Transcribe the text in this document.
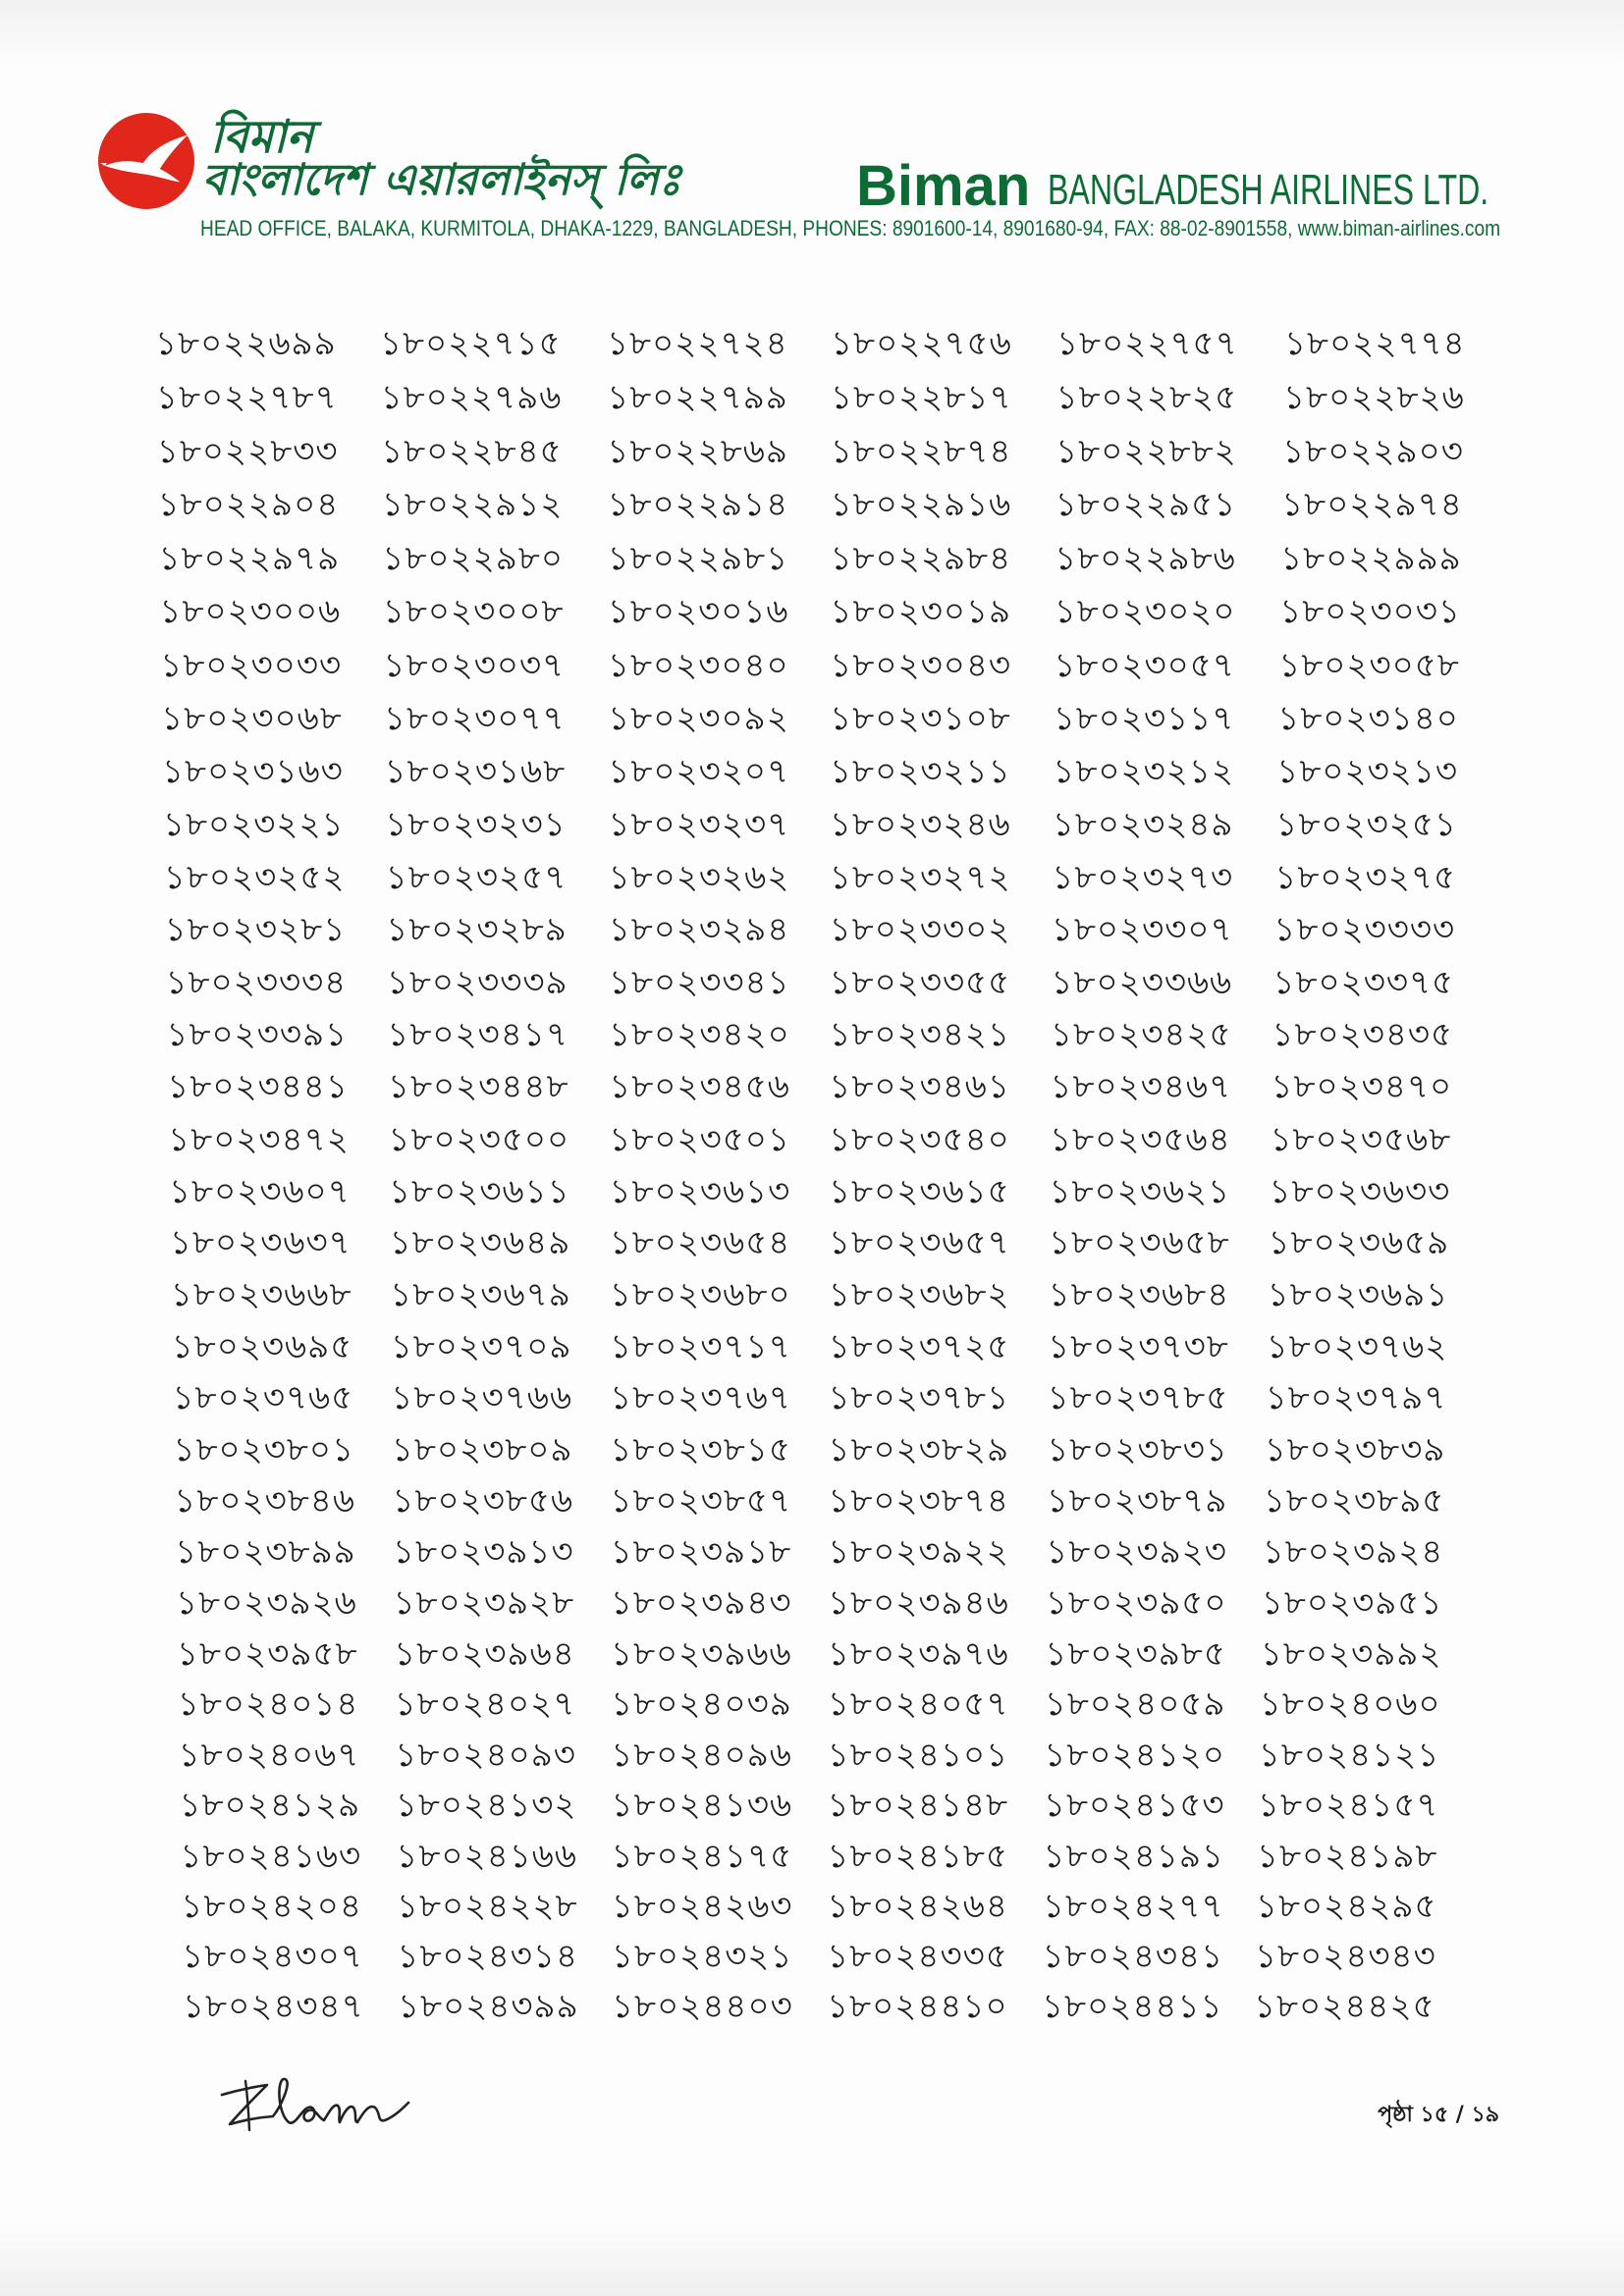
বিমান
বাংলাদেশ এয়ারলাইনস্ লিঃ	Biman BANGLADESH AIRLINES LTD.
HEAD OFFICE, BALAKA, KURMITOLA, DHAKA-1229, BANGLADESH, PHONES: 8901600-14, 8901680-94, FAX: 88-02-8901558, www.biman-airlines.com
১৮০২২৬৯৯ ১৮০২২৭১৫ ১৮০২২৭২৪ ১৮০২২৭৫৬ ১৮০২২৭৫৭ ১৮০২২৭৭৪
১৮০২২৭৮৭ ১৮০২২৭৯৬ ১৮০২২৭৯৯ ১৮০২২৮১৭ ১৮০২২৮২৫ ১৮০২২৮২৬
১৮০২২৮৩৩ ১৮০২২৮৪৫ ১৮০২২৮৬৯ ১৮০২২৮৭৪ ১৮০২২৮৮২ ১৮০২২৯০৩
১৮০২২৯০৪ ১৮০২২৯১২ ১৮০২২৯১৪ ১৮০২২৯১৬ ১৮০২২৯৫১ ১৮০২২৯৭৪
১৮০২২৯৭৯ ১৮০২২৯৮০ ১৮০২২৯৮১ ১৮০২২৯৮৪ ১৮০২২৯৮৬ ১৮০২২৯৯৯
১৮০২৩০০৬ ১৮০২৩০০৮ ১৮০২৩০১৬ ১৮০২৩০১৯ ১৮০২৩০২০ ১৮০২৩০৩১
১৮০২৩০৩৩ ১৮০২৩০৩৭ ১৮০২৩০৪০ ১৮০২৩০৪৩ ১৮০২৩০৫৭ ১৮০২৩০৫৮
১৮০২৩০৬৮ ১৮০২৩০৭৭ ১৮০২৩০৯২ ১৮০২৩১০৮ ১৮০২৩১১৭ ১৮০২৩১৪০
১৮০২৩১৬৩ ১৮০২৩১৬৮ ১৮০২৩২০৭ ১৮০২৩২১১ ১৮০২৩২১২ ১৮০২৩২১৩
১৮০২৩২২১ ১৮০২৩২৩১ ১৮০২৩২৩৭ ১৮০২৩২৪৬ ১৮০২৩২৪৯ ১৮০২৩২৫১
১৮০২৩২৫২ ১৮০২৩২৫৭ ১৮০২৩২৬২ ১৮০২৩২৭২ ১৮০২৩২৭৩ ১৮০২৩২৭৫
১৮০২৩২৮১ ১৮০২৩২৮৯ ১৮০২৩২৯৪ ১৮০২৩৩০২ ১৮০২৩৩০৭ ১৮০২৩৩৩৩
১৮০২৩৩৩৪ ১৮০২৩৩৩৯ ১৮০২৩৩৪১ ১৮০২৩৩৫৫ ১৮০২৩৩৬৬ ১৮০২৩৩৭৫
১৮০২৩৩৯১ ১৮০২৩৪১৭ ১৮০২৩৪২০ ১৮০২৩৪২১ ১৮০২৩৪২৫ ১৮০২৩৪৩৫
১৮০২৩৪৪১ ১৮০২৩৪৪৮ ১৮০২৩৪৫৬ ১৮০২৩৪৬১ ১৮০২৩৪৬৭ ১৮০২৩৪৭০
১৮০২৩৪৭২ ১৮০২৩৫০০ ১৮০২৩৫০১ ১৮০২৩৫৪০ ১৮০২৩৫৬৪ ১৮০২৩৫৬৮
১৮০২৩৬০৭ ১৮০২৩৬১১ ১৮০২৩৬১৩ ১৮০২৩৬১৫ ১৮০২৩৬২১ ১৮০২৩৬৩৩
১৮০২৩৬৩৭ ১৮০২৩৬৪৯ ১৮০২৩৬৫৪ ১৮০২৩৬৫৭ ১৮০২৩৬৫৮ ১৮০২৩৬৫৯
১৮০২৩৬৬৮ ১৮০২৩৬৭৯ ১৮০২৩৬৮০ ১৮০২৩৬৮২ ১৮০২৩৬৮৪ ১৮০২৩৬৯১
১৮০২৩৬৯৫ ১৮০২৩৭০৯ ১৮০২৩৭১৭ ১৮০২৩৭২৫ ১৮০২৩৭৩৮ ১৮০২৩৭৬২
১৮০২৩৭৬৫ ১৮০২৩৭৬৬ ১৮০২৩৭৬৭ ১৮০২৩৭৮১ ১৮০২৩৭৮৫ ১৮০২৩৭৯৭
১৮০২৩৮০১ ১৮০২৩৮০৯ ১৮০২৩৮১৫ ১৮০২৩৮২৯ ১৮০২৩৮৩১ ১৮০২৩৮৩৯
১৮০২৩৮৪৬ ১৮০২৩৮৫৬ ১৮০২৩৮৫৭ ১৮০২৩৮৭৪ ১৮০২৩৮৭৯ ১৮০২৩৮৯৫
১৮০২৩৮৯৯ ১৮০২৩৯১৩ ১৮০২৩৯১৮ ১৮০২৩৯২২ ১৮০২৩৯২৩ ১৮০২৩৯২৪
১৮০২৩৯২৬ ১৮০২৩৯২৮ ১৮০২৩৯৪৩ ১৮০২৩৯৪৬ ১৮০২৩৯৫০ ১৮০২৩৯৫১
১৮০২৩৯৫৮ ১৮০২৩৯৬৪ ১৮০২৩৯৬৬ ১৮০২৩৯৭৬ ১৮০২৩৯৮৫ ১৮০২৩৯৯২
১৮০২৪০১৪ ১৮০২৪০২৭ ১৮০২৪০৩৯ ১৮০২৪০৫৭ ১৮০২৪০৫৯ ১৮০২৪০৬০
১৮০২৪০৬৭ ১৮০২৪০৯৩ ১৮০২৪০৯৬ ১৮০২৪১০১ ১৮০২৪১২০ ১৮০২৪১২১
১৮০২৪১২৯ ১৮০২৪১৩২ ১৮০২৪১৩৬ ১৮০২৪১৪৮ ১৮০২৪১৫৩ ১৮০২৪১৫৭
১৮০২৪১৬৩ ১৮০২৪১৬৬ ১৮০২৪১৭৫ ১৮০২৪১৮৫ ১৮০২৪১৯১ ১৮০২৪১৯৮
১৮০২৪২০৪ ১৮০২৪২২৮ ১৮০২৪২৬৩ ১৮০২৪২৬৪ ১৮০২৪২৭৭ ১৮০২৪২৯৫
১৮০২৪৩০৭ ১৮০২৪৩১৪ ১৮০২৪৩২১ ১৮০২৪৩৩৫ ১৮০২৪৩৪১ ১৮০২৪৩৪৩
১৮০২৪৩৪৭ ১৮০২৪৩৯৯ ১৮০২৪৪০৩ ১৮০২৪৪১০ ১৮০২৪৪১১ ১৮০২৪৪২৫
পৃষ্ঠা ১৫ / ১৯
